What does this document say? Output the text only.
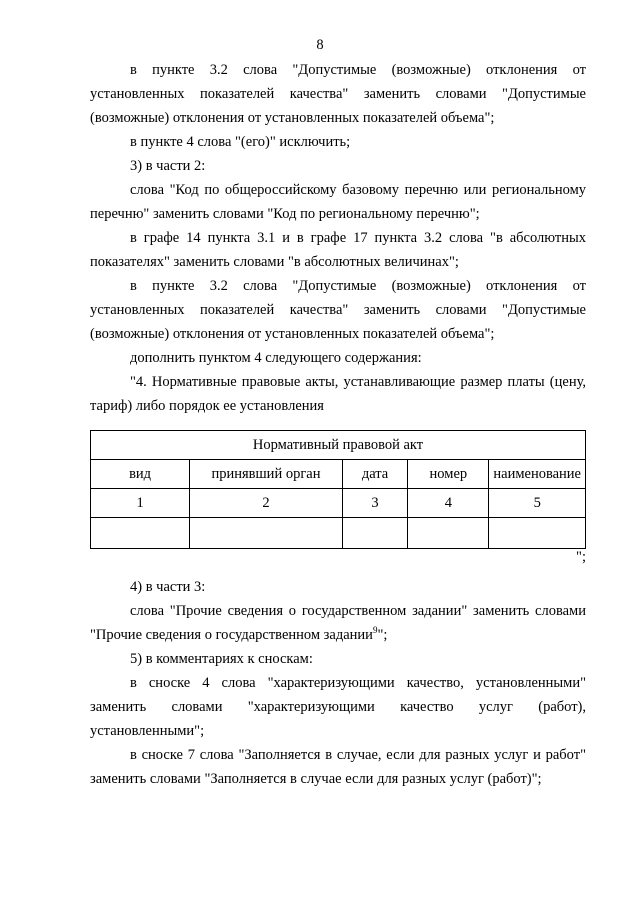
8

в пункте 3.2 слова "Допустимые (возможные) отклонения от установленных показателей качества" заменить словами "Допустимые (возможные) отклонения от установленных показателей объема";

в пункте 4 слова "(его)" исключить;

3) в части 2:

слова "Код по общероссийскому базовому перечню или региональному перечню" заменить словами "Код по региональному перечню";

в графе 14 пункта 3.1 и в графе 17 пункта 3.2 слова "в абсолютных показателях" заменить словами "в абсолютных величинах";

в пункте 3.2 слова "Допустимые (возможные) отклонения от установленных показателей качества" заменить словами "Допустимые (возможные) отклонения от установленных показателей объема";

дополнить пунктом 4 следующего содержания:

"4. Нормативные правовые акты, устанавливающие размер платы (цену, тариф) либо порядок ее установления

Нормативный правовой акт				
вид	принявший орган	дата	номер	наименование
1	2	3	4	5

";

4) в части 3:

слова "Прочие сведения о государственном задании" заменить словами "Прочие сведения о государственном задании$^9$";

5) в комментариях к сноскам:

в сноске 4 слова "характеризующими качество, установленными" заменить словами "характеризующими качество услуг (работ), установленными";

в сноске 7 слова "Заполняется в случае, если для разных услуг и работ" заменить словами "Заполняется в случае если для разных услуг (работ)";
